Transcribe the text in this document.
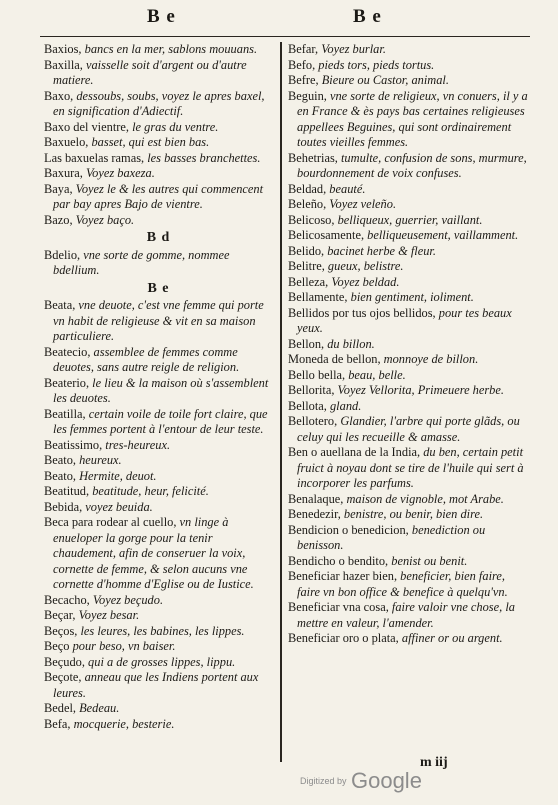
B e	B e

Baxios, bancs en la mer, sablons mouuans.

Baxilla, vaisselle soit d'argent ou d'autre matiere.

Baxo, dessoubs, soubs, voyez le apres baxel, en signification d'Adiectif.

Baxo del vientre, le gras du ventre.

Baxuelo, basset, qui est bien bas.

Las baxuelas ramas, les basses branchettes.

Baxura, Voyez baxeza.

Baya, Voyez le & les autres qui commencent par bay apres Bajo de vientre.

Bazo, Voyez baço.

B d

Bdelio, vne sorte de gomme, nommee bdellium.

B e

Beata, vne deuote, c'est vne femme qui porte vn habit de religieuse & vit en sa maison particuliere.

Beatecio, assemblee de femmes comme deuotes, sans autre reigle de religion.

Beaterio, le lieu & la maison où s'assemblent les deuotes.

Beatilla, certain voile de toile fort claire, que les femmes portent à l'entour de leur teste.

Beatissimo, tres-heureux.

Beato, heureux.

Beato, Hermite, deuot.

Beatitud, beatitude, heur, felicité.

Bebida, voyez beuida.

Beca para rodear al cuello, vn linge à enueloper la gorge pour la tenir chaudement, afin de conseruer la voix, cornette de femme, & selon aucuns vne cornette d'homme d'Eglise ou de Iustice.

Becacho, Voyez beçudo.

Beçar, Voyez besar.

Beços, les leures, les babines, les lippes.

Beço pour beso, vn baiser.

Beçudo, qui a de grosses lippes, lippu.

Beçote, anneau que les Indiens portent aux leures.

Bedel, Bedeau.

Befa, mocquerie, besterie.

Befar, Voyez burlar.

Befo, pieds tors, pieds tortus.

Befre, Bieure ou Castor, animal.

Beguin, vne sorte de religieux, vn conuers, il y a en France & ès pays bas certaines religieuses appellees Beguines, qui sont ordinairement toutes vieilles femmes.

Behetrias, tumulte, confusion de sons, murmure, bourdonnement de voix confuses.

Beldad, beauté.

Beleño, Voyez veleño.

Belicoso, belliqueux, guerrier, vaillant.

Belicosamente, belliqueusement, vaillamment.

Belido, bacinet herbe & fleur.

Belitre, gueux, belistre.

Belleza, Voyez beldad.

Bellamente, bien gentiment, ioliment.

Bellidos por tus ojos bellidos, pour tes beaux yeux.

Bellon, du billon.

Moneda de bellon, monnoye de billon.

Bello bella, beau, belle.

Bellorita, Voyez Vellorita, Primeuere herbe.

Bellota, gland.

Bellotero, Glandier, l'arbre qui porte glãds, ou celuy qui les recueille & amasse.

Ben o auellana de la India, du ben, certain petit fruict à noyau dont se tire de l'huile qui sert à incorporer les parfums.

Benalaque, maison de vignoble, mot Arabe.

Benedezir, benistre, ou benir, bien dire.

Bendicion o benedicion, benediction ou benisson.

Bendicho o bendito, benist ou benit.

Beneficiar hazer bien, beneficier, bien faire, faire vn bon office & benefice à quelqu'vn.

Beneficiar vna cosa, faire valoir vne chose, la mettre en valeur, l'amender.

Beneficiar oro o plata, affiner or ou argent.

m iij
Digitized by Google
